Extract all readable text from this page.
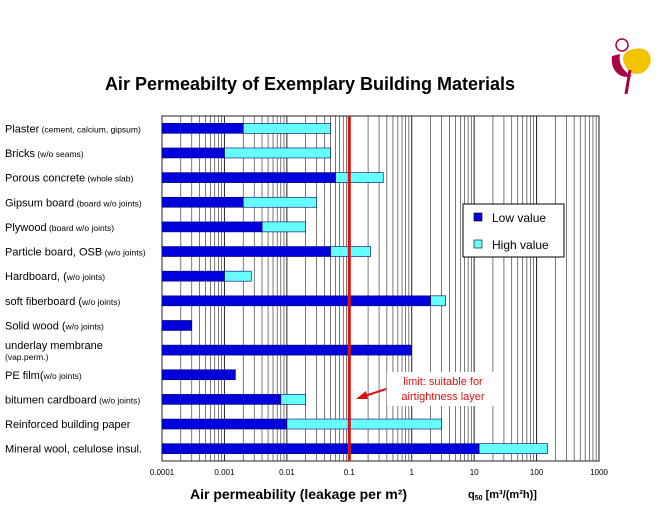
Air Permeabilty of Exemplary Building Materials
0.0001	0.001	0.01	0.1	1	10	100	1000
Plaster (cement, calcium, gipsum)
Bricks (w/o seams)
Porous concrete (whole slab)
Gipsum board (board w/o joints)
Plywood (board w/o joints)
Particle board, OSB (w/o joints)
Hardboard, (w/o joints)
soft fiberboard (w/o joints)
Solid wood (w/o joints)
underlay membrane
(vap.perm.)
PE film(w/o joints)
bitumen cardboard (w/o joints)
Reinforced building paper
Mineral wool, celulose insul.
Low value
High value
limit: suitable for
airtightness layer
Air permeability (leakage per m²)	$q_{50}$ [m³/(m²h)]
